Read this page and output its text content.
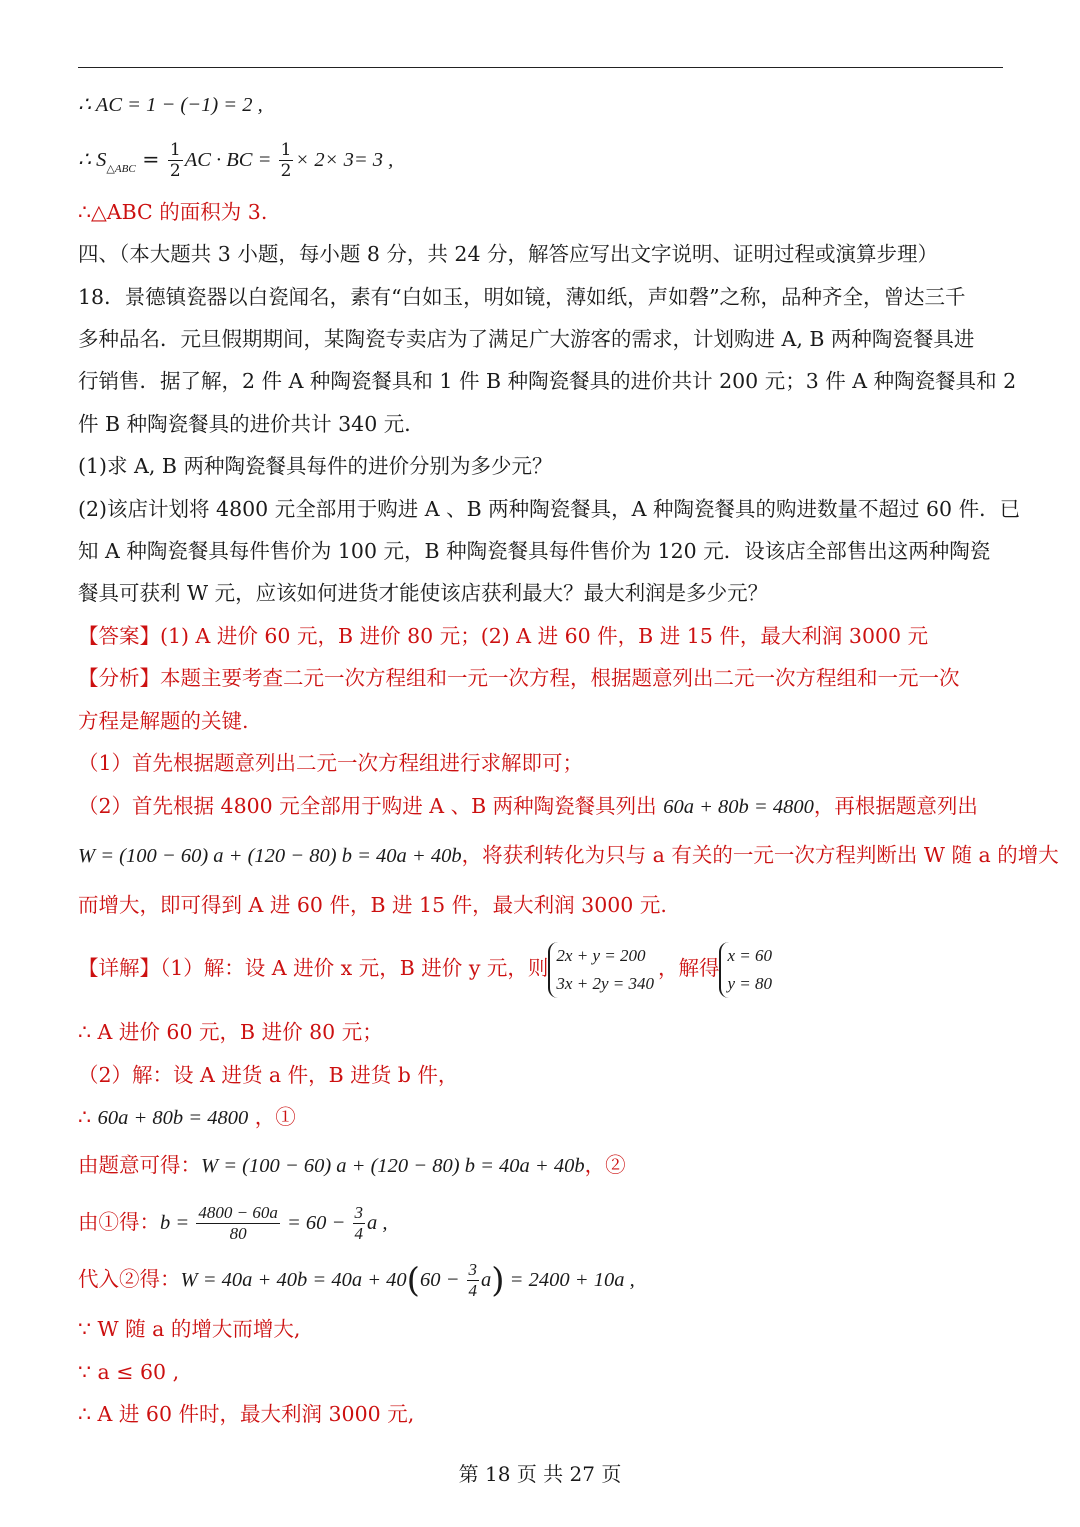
∴ AC = 1 − (−1) = 2 ,
∴ $S_{\triangle ABC} = \frac{1}{2}$ AC · BC = $\frac{1}{2} \times 2\times 3= 3$ ,
∴△ABC 的面积为 3.
四、（本大题共 3 小题，每小题 8 分，共 24 分，解答应写出文字说明、证明过程或演算步理）
18．景德镇瓷器以白瓷闻名，素有“白如玉，明如镜，薄如纸，声如磬”之称，品种齐全，曾达三千
多种品名．元旦假期期间，某陶瓷专卖店为了满足广大游客的需求，计划购进 A, B 两种陶瓷餐具进
行销售．据了解，2 件 A 种陶瓷餐具和 1 件 B 种陶瓷餐具的进价共计 200 元；3 件 A 种陶瓷餐具和 2
件 B 种陶瓷餐具的进价共计 340 元．
(1)求 A, B 两种陶瓷餐具每件的进价分别为多少元？
(2)该店计划将 4800 元全部用于购进 A 、B 两种陶瓷餐具，A 种陶瓷餐具的购进数量不超过 60 件．已
知 A 种陶瓷餐具每件售价为 100 元，B 种陶瓷餐具每件售价为 120 元．设该店全部售出这两种陶瓷
餐具可获利 W 元，应该如何进货才能使该店获利最大？最大利润是多少元？
【答案】(1) A 进价 60 元，B 进价 80 元；(2) A 进 60 件，B 进 15 件，最大利润 3000 元
【分析】本题主要考查二元一次方程组和一元一次方程，根据题意列出二元一次方程组和一元一次
方程是解题的关键.
（1）首先根据题意列出二元一次方程组进行求解即可；
（2）首先根据 4800 元全部用于购进 A 、B 两种陶瓷餐具列出 60a + 80b = 4800，再根据题意列出
W = (100 − 60) a + (120 − 80) b = 40a + 40b，将获利转化为只与 a 有关的一元一次方程判断出 W 随 a 的增大
而增大，即可得到 A 进 60 件，B 进 15 件，最大利润 3000 元.
【详解】（1）解：设 A 进价 x 元，B 进价 y 元，则
2x + y = 200
3x + 2y = 340
，解得
x = 60
y = 80
∴ A 进价 60 元，B 进价 80 元；
（2）解：设 A 进货 a 件，B 进货 b 件，
∴ 60a + 80b = 4800 ，①
由题意可得：W = (100 − 60) a + (120 − 80) b = 40a + 40b，②
由①得：$b = \frac{4800 - 60a}{80} = 60 - \frac{3}{4}$ a ,
代入②得：$W = 40a + 40b = 40a + 40(60 - \frac{3}{4} a) = 2400 + 10a$ ,
∵ W 随 a 的增大而增大,
∵ a ≤ 60 ,
∴ A 进 60 件时，最大利润 3000 元,
第 18 页 共 27 页
